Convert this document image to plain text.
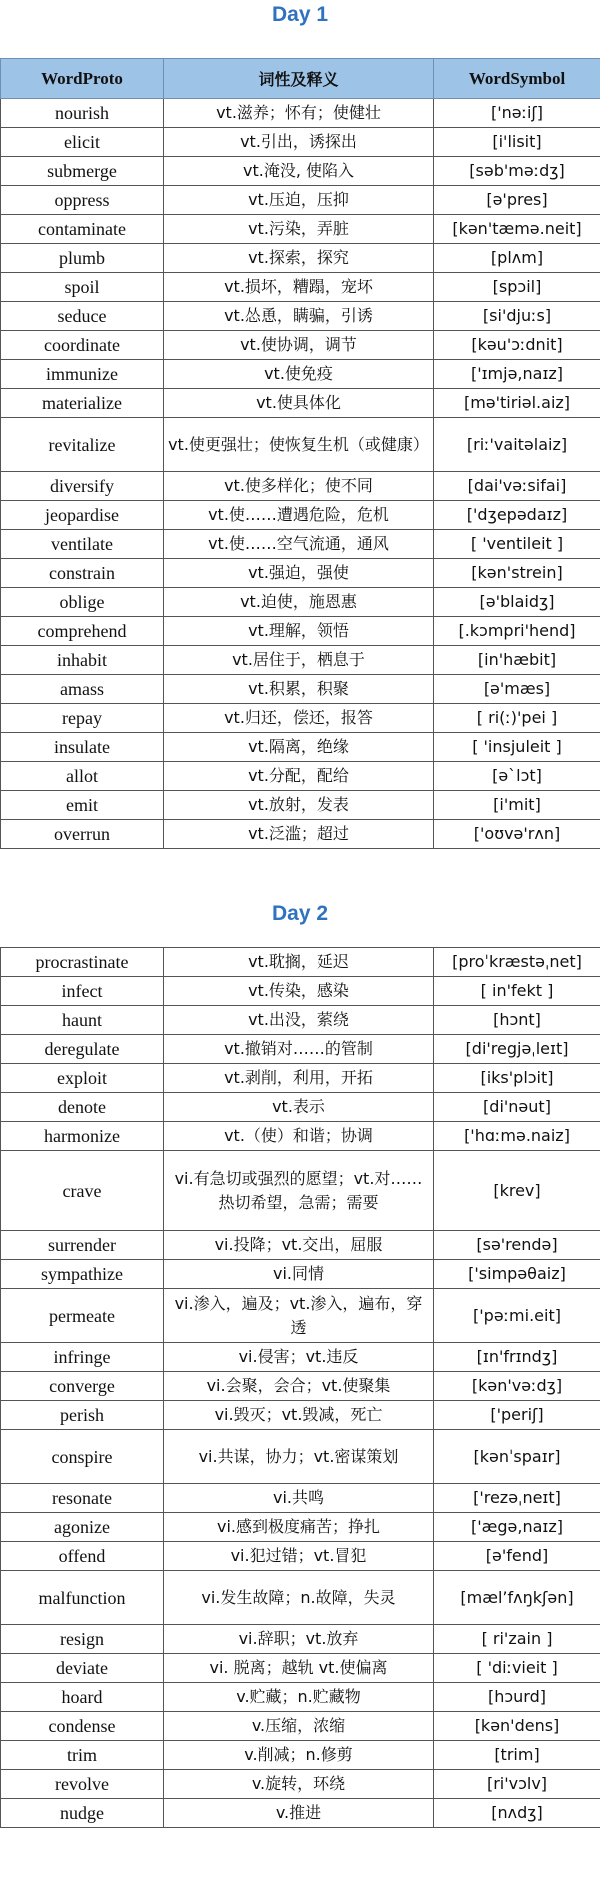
Day 1
WordProto	词性及释义	WordSymbol
nourish	vt.滋养；怀有；使健壮	['nəːiʃ]
elicit	vt.引出，诱探出	[i'lisit]
submerge	vt.淹没, 使陷入	[səb'məːdʒ]
oppress	vt.压迫，压抑	[ə'pres]
contaminate	vt.污染，弄脏	[kən'tæmə.neit]
plumb	vt.探索，探究	[plʌm]
spoil	vt.损坏，糟蹋，宠坏	[spɔil]
seduce	vt.怂恿，瞒骗，引诱	[si'djuːs]
coordinate	vt.使协调，调节	[kəu'ɔːdnit]
immunize	vt.使免疫	['ɪmjə,naɪz]
materialize	vt.使具体化	[mə'tiriəl.aiz]
revitalize	vt.使更强壮；使恢复生机（或健康）	[riː'vaitəlaiz]
diversify	vt.使多样化；使不同	[dai'vəːsifai]
jeopardise	vt.使……遭遇危险，危机	['dʒepədaɪz]
ventilate	vt.使……空气流通，通风	[ 'ventileit ]
constrain	vt.强迫，强使	[kən'strein]
oblige	vt.迫使，施恩惠	[ə'blaidʒ]
comprehend	vt.理解，领悟	[.kɔmpri'hend]
inhabit	vt.居住于，栖息于	[in'hæbit]
amass	vt.积累，积聚	[ə'mæs]
repay	vt.归还，偿还，报答	[ ri(ː)'pei ]
insulate	vt.隔离，绝缘	[ 'insjuleit ]
allot	vt.分配，配给	[ə`lɔt]
emit	vt.放射，发表	[i'mit]
overrun	vt.泛滥；超过	['oʊvə'rʌn]
Day 2
procrastinate	vt.耽搁，延迟	[proˈkræstəˌnet]
infect	vt.传染，感染	[ in'fekt ]
haunt	vt.出没，萦绕	[hɔnt]
deregulate	vt.撤销对……的管制	[di'regjəˌleɪt]
exploit	vt.剥削，利用，开拓	[iks'plɔit]
denote	vt.表示	[di'nəut]
harmonize	vt.（使）和谐；协调	['hɑːmə.naiz]
crave	vi.有急切或强烈的愿望；vt.对……热切希望，急需；需要	[krev]
surrender	vi.投降；vt.交出，屈服	[sə'rendə]
sympathize	vi.同情	['simpəθaiz]
permeate	vi.渗入，遍及；vt.渗入，遍布，穿透	['pəːmi.eit]
infringe	vi.侵害；vt.违反	[ɪn'frɪndʒ]
converge	vi.会聚，会合；vt.使聚集	[kən'vəːdʒ]
perish	vi.毁灭；vt.毁减，死亡	['periʃ]
conspire	vi.共谋，协力；vt.密谋策划	[kənˈspaɪr]
resonate	vi.共鸣	['rezəˌneɪt]
agonize	vi.感到极度痛苦；挣扎	['ægə,naɪz]
offend	vi.犯过错；vt.冒犯	[ə'fend]
malfunction	vi.发生故障；n.故障，失灵	[mæl’fʌŋkʃən]
resign	vi.辞职；vt.放弃	[ ri'zain ]
deviate	vi. 脱离；越轨 vt.使偏离	[ 'diːvieit ]
hoard	v.贮藏；n.贮藏物	[hɔurd]
condense	v.压缩，浓缩	[kən'dens]
trim	v.削减；n.修剪	[trim]
revolve	v.旋转，环绕	[ri'vɔlv]
nudge	v.推进	[nʌdʒ]
